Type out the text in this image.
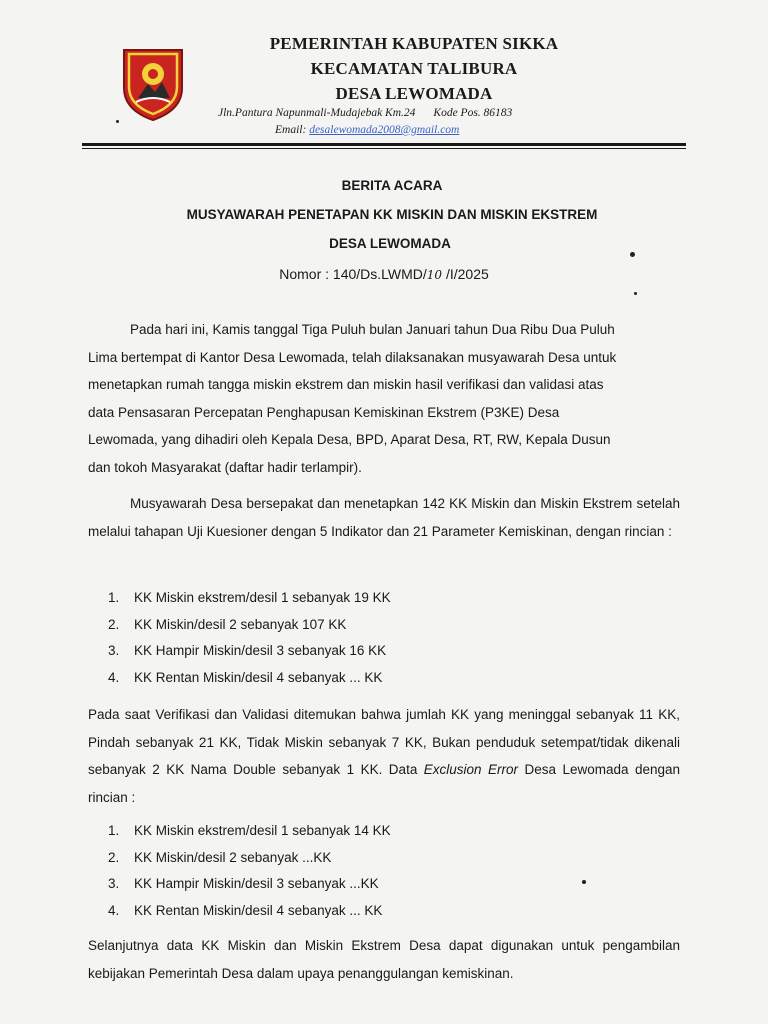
PEMERINTAH KABUPATEN SIKKA
KECAMATAN TALIBURA
DESA LEWOMADA
Jln.Pantura Napunmali-Mudajebak Km.24 Kode Pos. 86183
Email: desalewomada2008@gmail.com
BERITA ACARA
MUSYAWARAH PENETAPAN KK MISKIN DAN MISKIN EKSTREM
DESA LEWOMADA
Nomor : 140/Ds.LWMD/10 /I/2025
Pada hari ini, Kamis tanggal Tiga Puluh bulan Januari tahun Dua Ribu Dua Puluh
Lima bertempat di Kantor Desa Lewomada, telah dilaksanakan musyawarah Desa untuk
menetapkan rumah tangga miskin ekstrem dan miskin hasil verifikasi dan validasi atas
data Pensasaran Percepatan Penghapusan Kemiskinan Ekstrem (P3KE) Desa
Lewomada, yang dihadiri oleh Kepala Desa, BPD, Aparat Desa, RT, RW, Kepala Dusun
dan tokoh Masyarakat (daftar hadir terlampir).
Musyawarah Desa bersepakat dan menetapkan 142 KK Miskin dan Miskin Ekstrem setelah melalui tahapan Uji Kuesioner dengan 5 Indikator dan 21 Parameter Kemiskinan, dengan rincian :
1. KK Miskin ekstrem/desil 1 sebanyak 19 KK
2. KK Miskin/desil 2 sebanyak 107 KK
3. KK Hampir Miskin/desil 3 sebanyak 16 KK
4. KK Rentan Miskin/desil 4 sebanyak ... KK
Pada saat Verifikasi dan Validasi ditemukan bahwa jumlah KK yang meninggal sebanyak 11 KK, Pindah sebanyak 21 KK, Tidak Miskin sebanyak 7 KK, Bukan penduduk setempat/tidak dikenali sebanyak 2 KK Nama Double sebanyak 1 KK. Data Exclusion Error Desa Lewomada dengan rincian :
1. KK Miskin ekstrem/desil 1 sebanyak 14 KK
2. KK Miskin/desil 2 sebanyak ...KK
3. KK Hampir Miskin/desil 3 sebanyak ...KK
4. KK Rentan Miskin/desil 4 sebanyak ... KK
Selanjutnya data KK Miskin dan Miskin Ekstrem Desa dapat digunakan untuk pengambilan kebijakan Pemerintah Desa dalam upaya penanggulangan kemiskinan.
